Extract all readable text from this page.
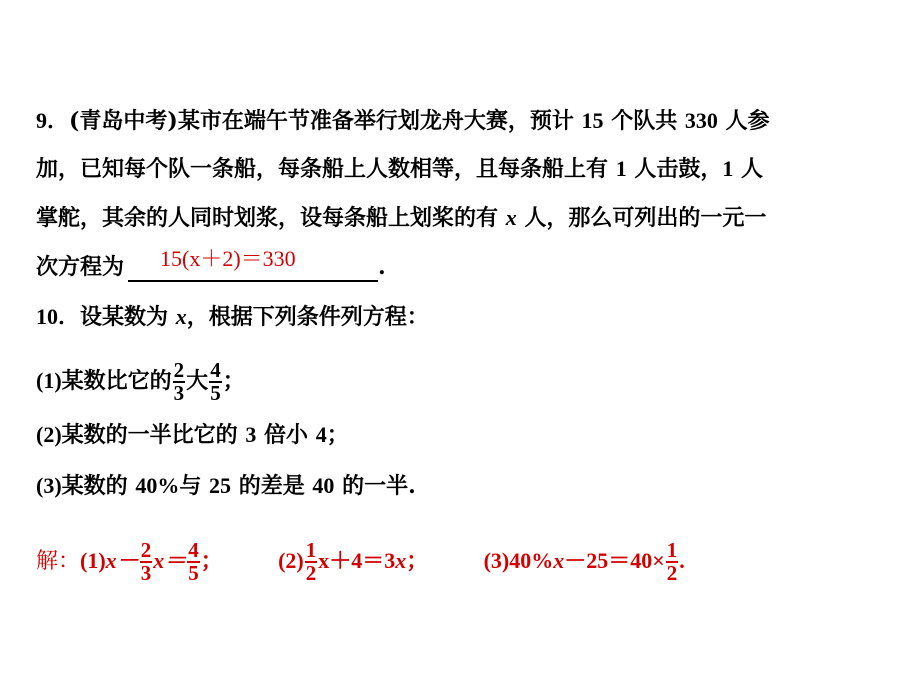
9．(青岛中考)某市在端午节准备举行划龙舟大赛，预计 15 个队共 330 人参
加，已知每个队一条船，每条船上人数相等，且每条船上有 1 人击鼓，1 人
掌舵，其余的人同时划浆，设每条船上划桨的有 x 人，那么可列出的一元一
次方程为 15(x＋2)＝330	.
10．设某数为 x，根据下列条件列方程：
(1)某数比它的 $\frac{2}{3}$ 大 $\frac{4}{5}$ ；
(2)某数的一半比它的 3 倍小 4；
(3)某数的 40%与 25 的差是 40 的一半.
解：$(1)x- \frac{2}{3} x= \frac{4}{5}$ ；	$(2) \frac{1}{2} x+4=3x$；	$(3)40\%x-25=40\times \frac{1}{2}$ .
